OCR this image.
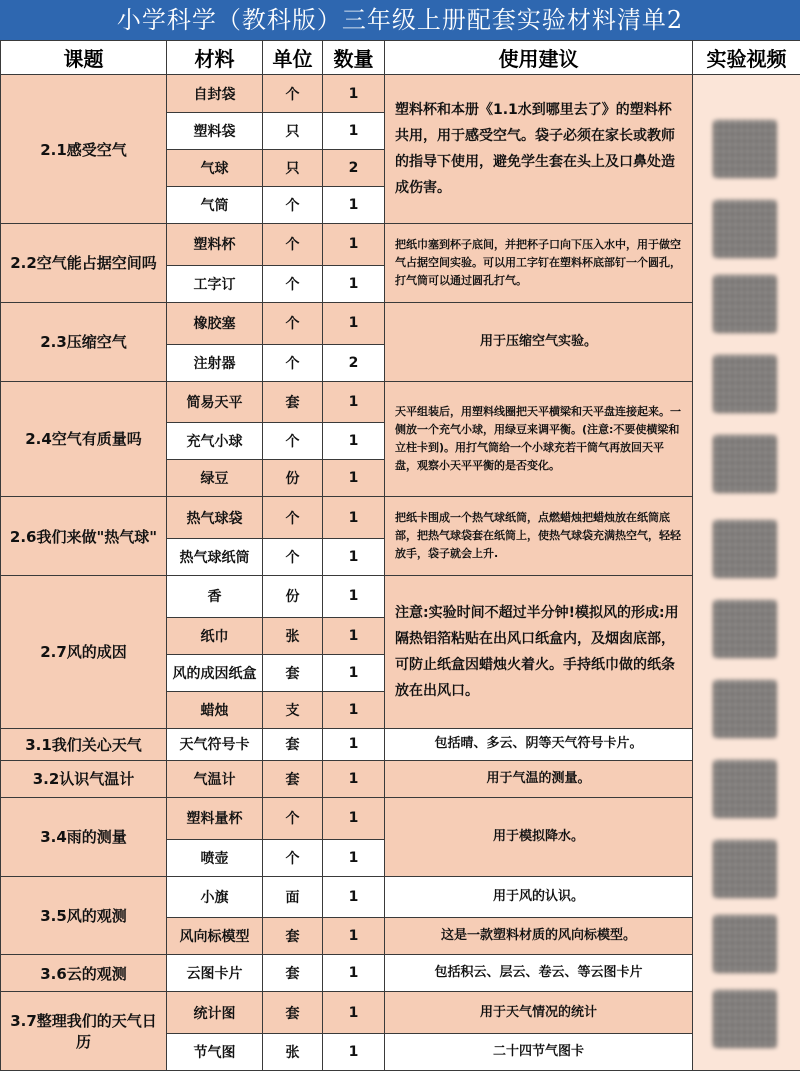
小学科学（教科版）三年级上册配套实验材料清单2
课题	材料	单位	数量	使用建议	实验视频
2.1感受空气	自封袋	个	1	塑料杯和本册《1.1水到哪里去了》的塑料杯共用，用于感受空气。袋子必须在家长或教师的指导下使用，避免学生套在头上及口鼻处造成伤害。	

	塑料袋	只	1		
	气球	只	2		
	气筒	个	1		
2.2空气能占据空间吗	塑料杯	个	1	把纸巾塞到杯子底间，并把杯子口向下压入水中，用于做空气占据空间实验。可以用工字钉在塑料杯底部钉一个圆孔，打气筒可以通过圆孔打气。	
	工字订	个	1		
2.3压缩空气	橡胶塞	个	1	用于压缩空气实验。	
	注射器	个	2		
2.4空气有质量吗	简易天平	套	1	天平组装后，用塑料线圈把天平横梁和天平盘连接起来。一侧放一个充气小球，用绿豆来调平衡。(注意:不要使横梁和立柱卡到)。用打气筒给一个小球充若干筒气再放回天平盘，观察小天平平衡的是否变化。	
	充气小球	个	1		
	绿豆	份	1		
2.6我们来做"热气球"	热气球袋	个	1	把纸卡围成一个热气球纸筒，点燃蜡烛把蜡烛放在纸筒底部，把热气球袋套在纸筒上，使热气球袋充满热空气，轻轻放手，袋子就会上升.	
	热气球纸筒	个	1		
2.7风的成因	香	份	1	注意:实验时间不超过半分钟!模拟风的形成:用隔热铝箔粘贴在出风口纸盒内，及烟囱底部，可防止纸盒因蜡烛火着火。手持纸巾做的纸条放在出风口。	
	纸巾	张	1		
	风的成因纸盒	套	1		
	蜡烛	支	1		
3.1我们关心天气	天气符号卡	套	1	包括晴、多云、阴等天气符号卡片。	
3.2认识气温计	气温计	套	1	用于气温的测量。	
3.4雨的测量	塑料量杯	个	1	用于模拟降水。	
	喷壶	个	1		
3.5风的观测	小旗	面	1	用于风的认识。	
	风向标模型	套	1	这是一款塑料材质的风向标模型。	
3.6云的观测	云图卡片	套	1	包括积云、层云、卷云、等云图卡片	
3.7整理我们的天气日历	统计图	套	1	用于天气情况的统计	
	节气图	张	1	二十四节气图卡	
